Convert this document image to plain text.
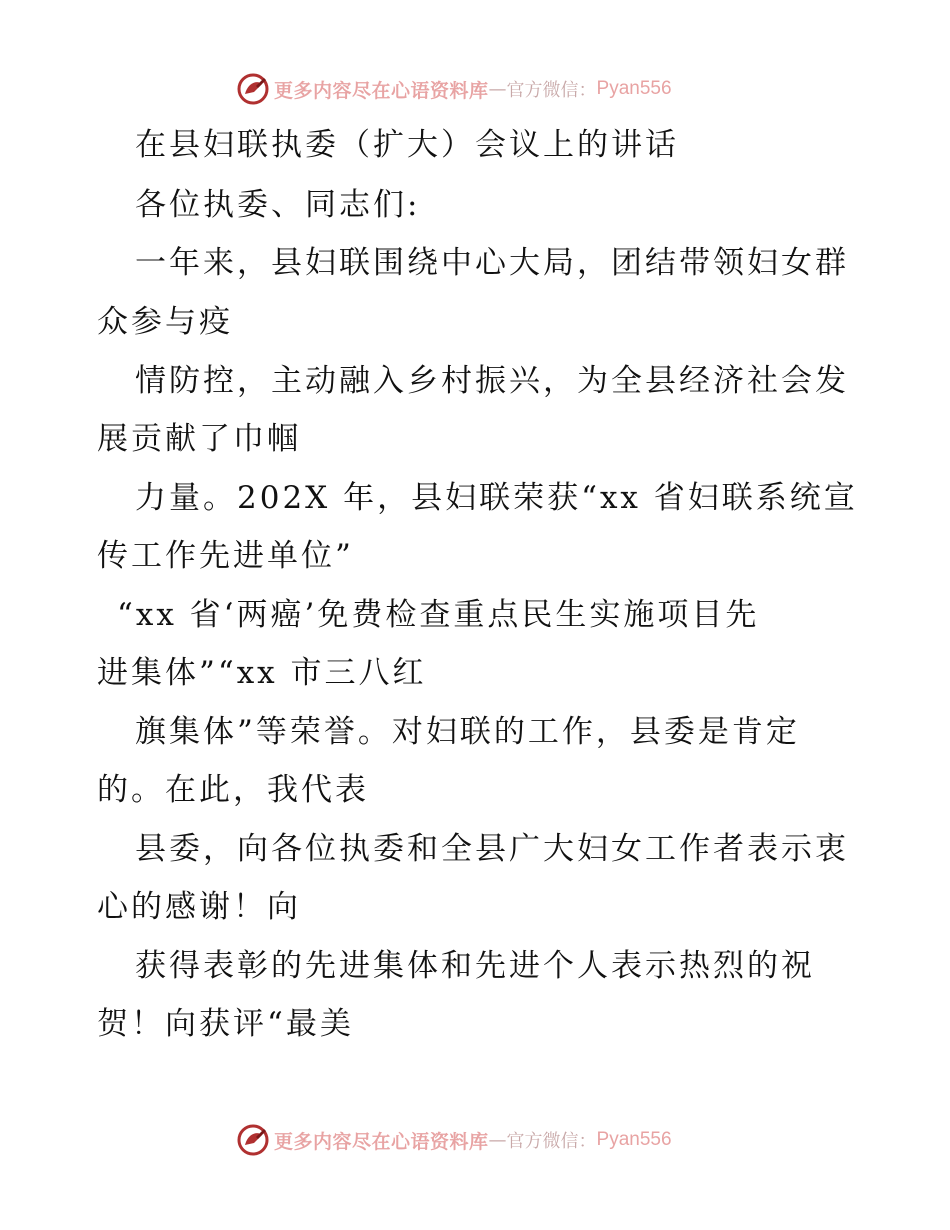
更多内容尽在心语资料库 — 官方微信： Pyan556
在县妇联执委（扩大）会议上的讲话
各位执委、同志们:
一年来，县妇联围绕中心大局，团结带领妇女群
众参与疫
情防控，主动融入乡村振兴，为全县经济社会发
展贡献了巾帼
力量。202X 年，县妇联荣获“xx 省妇联系统宣
传工作先进单位”
“xx 省‘两癌’免费检查重点民生实施项目先
进集体”“xx 市三八红
旗集体”等荣誉。对妇联的工作，县委是肯定
的。在此，我代表
县委，向各位执委和全县广大妇女工作者表示衷
心的感谢！向
获得表彰的先进集体和先进个人表示热烈的祝
贺！向获评“最美
更多内容尽在心语资料库 — 官方微信： Pyan556
